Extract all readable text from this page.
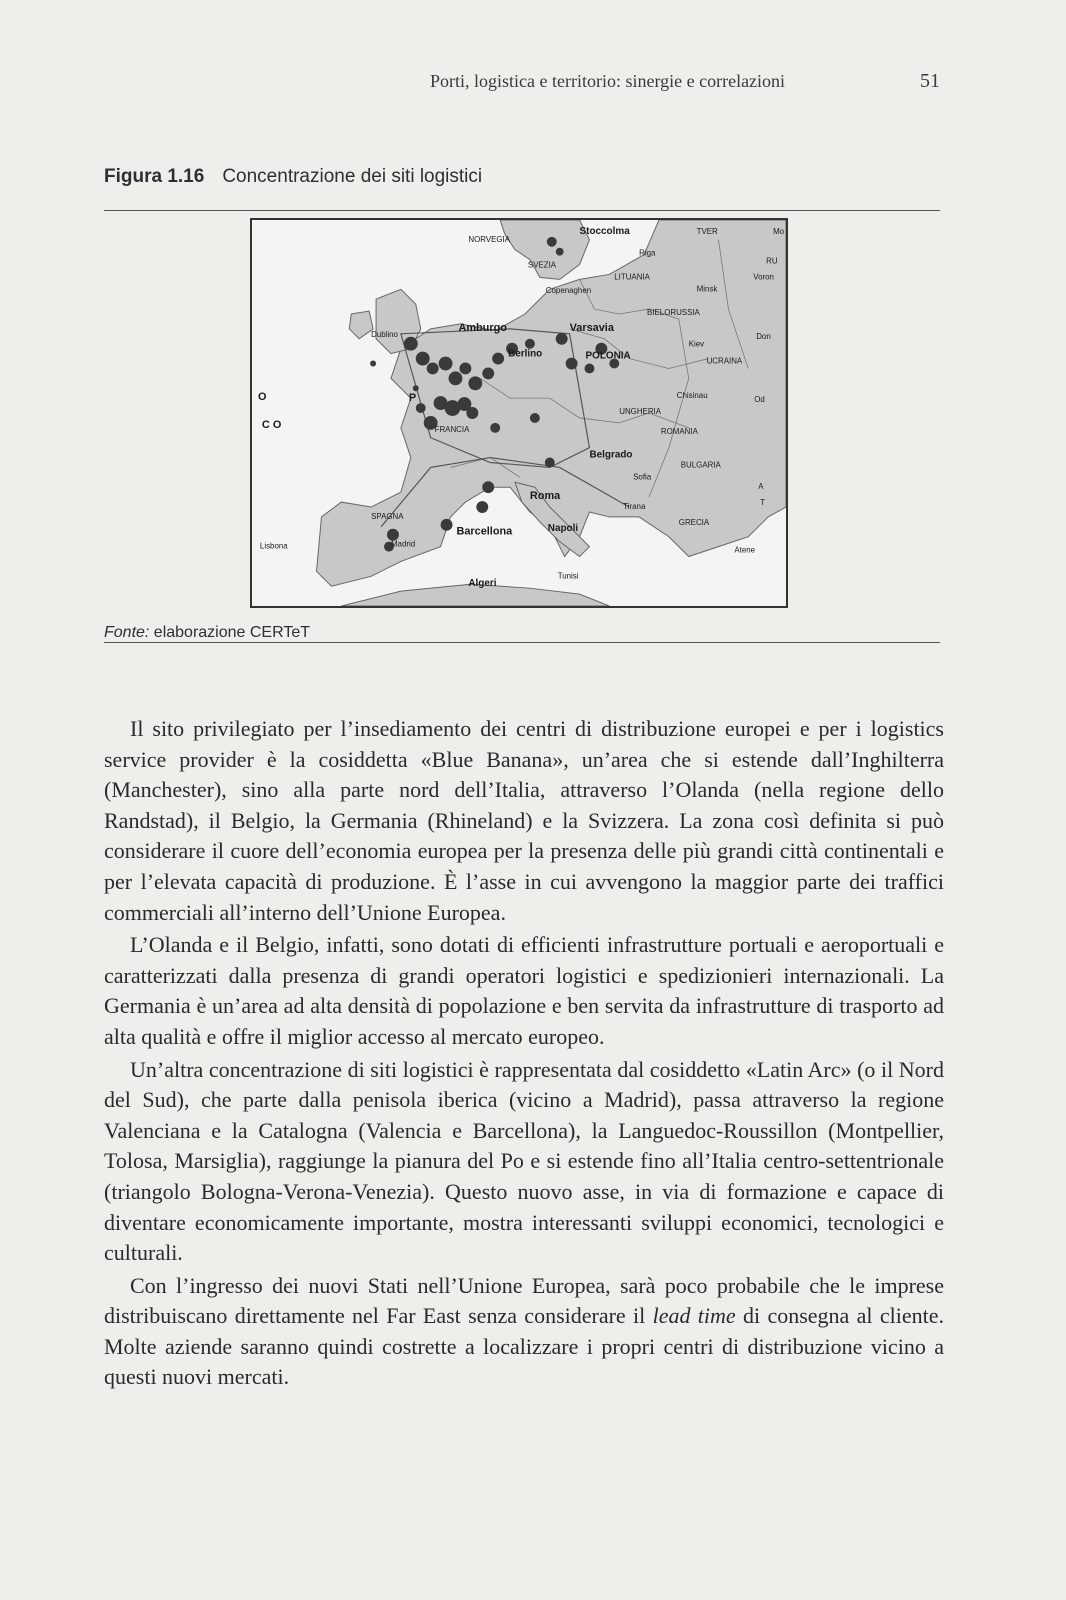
Porti, logistica e territorio: sinergie e correlazioni	51
Figura 1.16 Concentrazione dei siti logistici
NORVEGIA
Stoccolma	TVER	Mo
RU
Voron
SVEZIA
Riga
LITUANIA
Copenaghen	Minsk
BIELORUSSIA
Dublino
Amburgo	Varsavia
Kiev
Don
Berlino	POLONIA	UCRAINA
O
C O
P
FRANCIA
Chisinau
UNGHERIA
Od
ROMANIA
Belgrado
BULGARIA
Sofia
Roma
SPAGNA
Madrid
Barcellona	Napoli
Tirana
GRECIA
Lisbona	Atene
Algeri
Tunisi
A
T
Fonte: elaborazione CERTeT

Il sito privilegiato per l’insediamento dei centri di distribuzione europei e per i logistics service provider è la cosiddetta «Blue Banana», un’area che si estende dall’Inghilterra (Manchester), sino alla parte nord dell’Italia, attraverso l’Olanda (nella regione dello Randstad), il Belgio, la Germania (Rhineland) e la Svizzera. La zona così definita si può considerare il cuore dell’economia europea per la presenza delle più grandi città continentali e per l’elevata capacità di produzione. È l’asse in cui avvengono la maggior parte dei traffici commerciali all’interno dell’Unione Europea.

L’Olanda e il Belgio, infatti, sono dotati di efficienti infrastrutture portuali e aeroportuali e caratterizzati dalla presenza di grandi operatori logistici e spedizionieri internazionali. La Germania è un’area ad alta densità di popolazione e ben servita da infrastrutture di trasporto ad alta qualità e offre il miglior accesso al mercato europeo.

Un’altra concentrazione di siti logistici è rappresentata dal cosiddetto «Latin Arc» (o il Nord del Sud), che parte dalla penisola iberica (vicino a Madrid), passa attraverso la regione Valenciana e la Catalogna (Valencia e Barcellona), la Languedoc-Roussillon (Montpellier, Tolosa, Marsiglia), raggiunge la pianura del Po e si estende fino all’Italia centro-settentrionale (triangolo Bologna-Verona-Venezia). Questo nuovo asse, in via di formazione e capace di diventare economicamente importante, mostra interessanti sviluppi economici, tecnologici e culturali.

Con l’ingresso dei nuovi Stati nell’Unione Europea, sarà poco probabile che le imprese distribuiscano direttamente nel Far East senza considerare il lead time di consegna al cliente. Molte aziende saranno quindi costrette a localizzare i propri centri di distribuzione vicino a questi nuovi mercati.
